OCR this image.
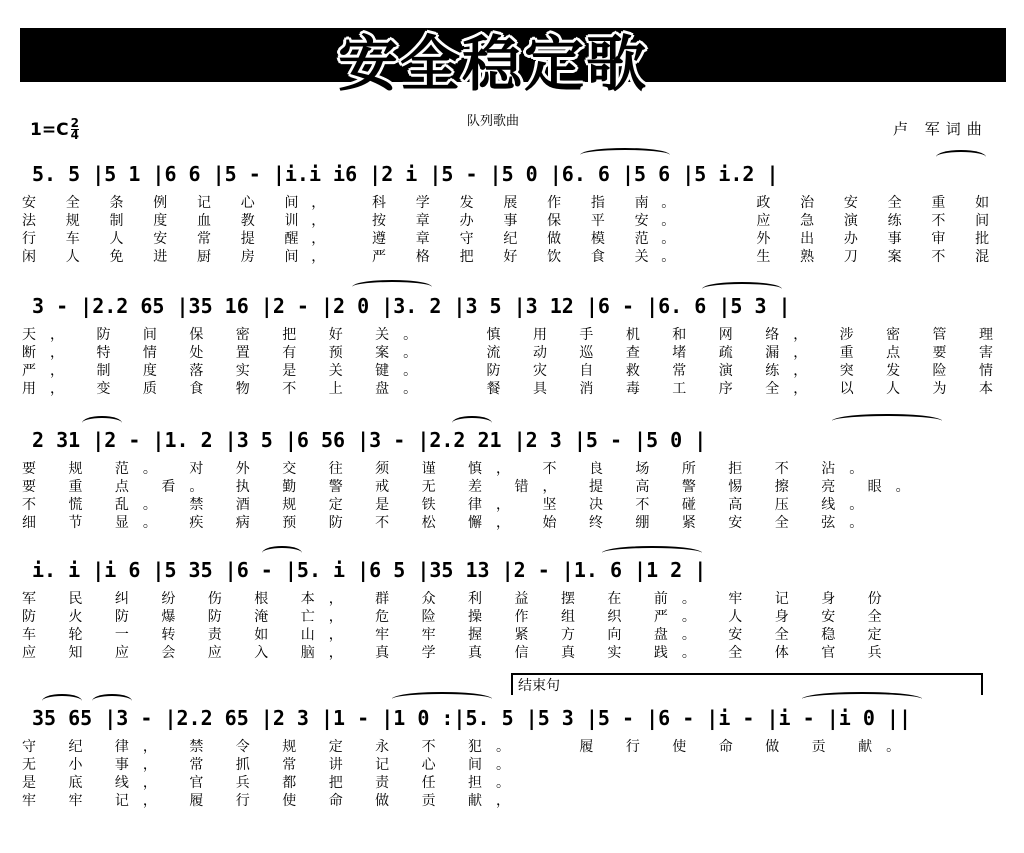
安全稳定歌
$1=C \frac{2}{4}$	队列歌曲	卢 军词曲
5. 5 |5 1 |6 6 |5 - |i.i i6 |2 i |5 - |5 0 |6. 6 |5 6 |5 i.2 |
安 全 条 例 记 心 间，  科 学 发 展 作 指 南。    政 治 安 全 重 如
法 规 制 度 血 教 训，  按 章 办 事 保 平 安。    应 急 演 练 不 间
行 车 人 安 常 提 醒，  遵 章 守 纪 做 模 范。    外 出 办 事 审 批
闲 人 免 进 厨 房 间，  严 格 把 好 饮 食 关。    生 熟 刀 案 不 混
3 - |2.2 65 |35 16 |2 - |2 0 |3. 2 |3 5 |3 12 |6 - |6. 6 |5 3 |
天， 防 间 保 密 把 好 关。   慎 用 手 机 和 网 络， 涉 密 管 理
断， 特 情 处 置 有 预 案。   流 动 巡 查 堵 疏 漏， 重 点 要 害
严， 制 度 落 实 是 关 键。   防 灾 自 救 常 演 练， 突 发 险 情
用， 变 质 食 物 不 上 盘。   餐 具 消 毒 工 序 全， 以 人 为 本
2 31 |2 - |1. 2 |3 5 |6 56 |3 - |2.2 21 |2 3 |5 - |5 0 |
要 规 范。 对 外 交 往 须 谨 慎， 不 良 场 所 拒 不 沾。
要 重 点 看。 执 勤 警 戒 无 差 错， 提 高 警 惕 擦 亮 眼。
不 慌 乱。 禁 酒 规 定 是 铁 律， 坚 决 不 碰 高 压 线。
细 节 显。 疾 病 预 防 不 松 懈， 始 终 绷 紧 安 全 弦。
i. i |i 6 |5 35 |6 - |5. i |6 5 |35 13 |2 - |1. 6 |1 2 |
军 民 纠 纷 伤 根 本， 群 众 利 益 摆 在 前。 牢 记 身 份
防 火 防 爆 防 淹 亡， 危 险 操 作 组 织 严。 人 身 安 全
车 轮 一 转 责 如 山， 牢 牢 握 紧 方 向 盘。 安 全 稳 定
应 知 应 会 应 入 脑， 真 学 真 信 真 实 践。 全 体 官 兵
结束句
35 65 |3 - |2.2 65 |2 3 |1 - |1 0 :|5. 5 |5 3 |5 - |6 - |i - |i - |i 0 ||
守 纪 律， 禁 令 规 定 永 不 犯。   履 行 使 命 做 贡 献。
无 小 事， 常 抓 常 讲 记 心 间。
是 底 线， 官 兵 都 把 责 任 担。
牢 牢 记， 履 行 使 命 做 贡 献，
